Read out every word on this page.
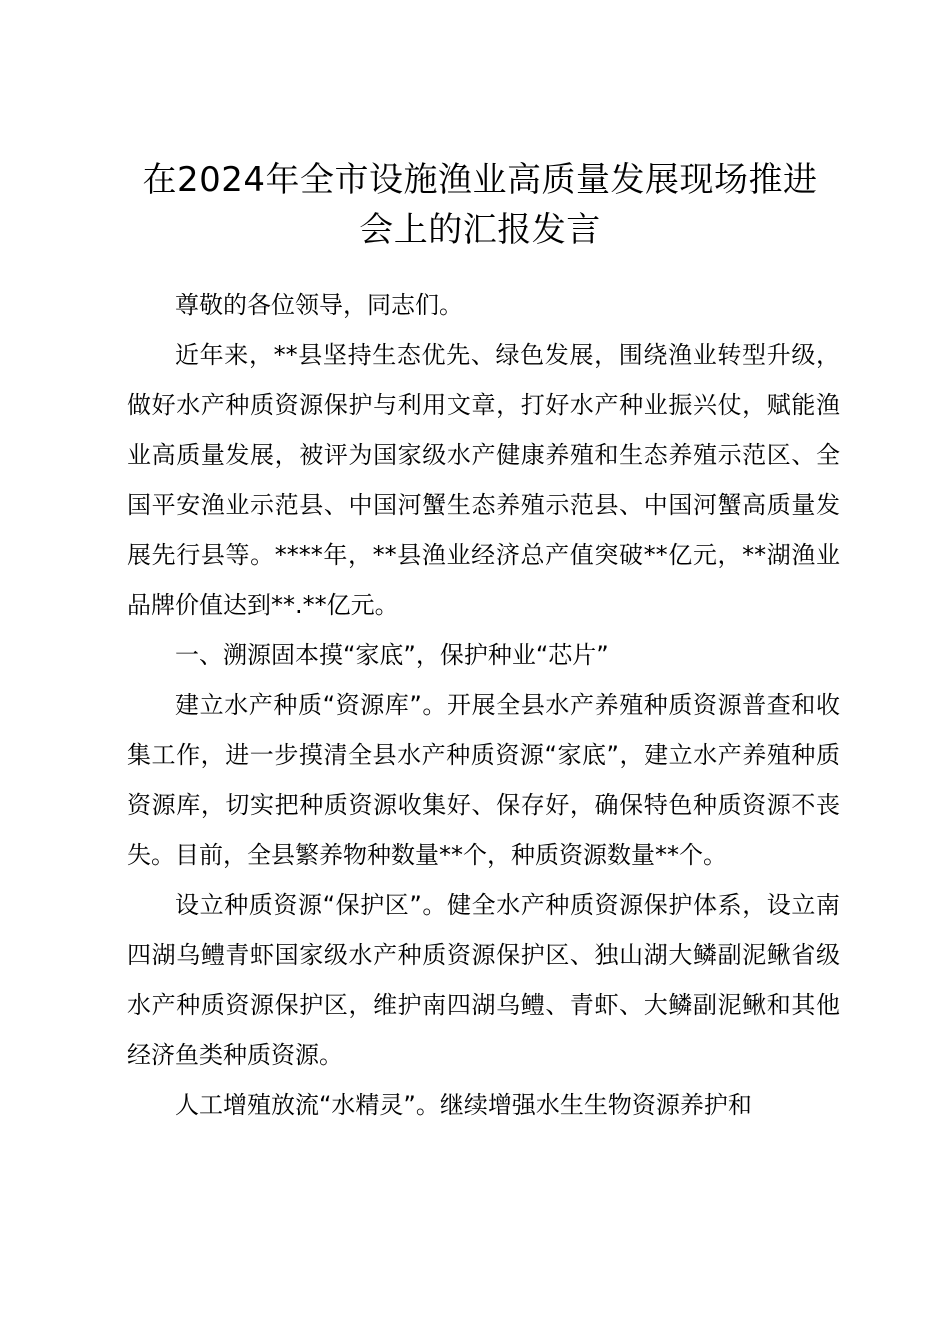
在2024年全市设施渔业高质量发展现场推进
会上的汇报发言

尊敬的各位领导，同志们。

近年来，**县坚持生态优先、绿色发展，围绕渔业转型升级，做好水产种质资源保护与利用文章，打好水产种业振兴仗，赋能渔业高质量发展，被评为国家级水产健康养殖和生态养殖示范区、全国平安渔业示范县、中国河蟹生态养殖示范县、中国河蟹高质量发展先行县等。****年，**县渔业经济总产值突破**亿元，**湖渔业品牌价值达到**.**亿元。

一、溯源固本摸“家底”，保护种业“芯片”

建立水产种质“资源库”。开展全县水产养殖种质资源普查和收集工作，进一步摸清全县水产种质资源“家底”，建立水产养殖种质资源库，切实把种质资源收集好、保存好，确保特色种质资源不丧失。目前，全县繁养物种数量**个，种质资源数量**个。

设立种质资源“保护区”。健全水产种质资源保护体系，设立南四湖乌鳢青虾国家级水产种质资源保护区、独山湖大鳞副泥鳅省级水产种质资源保护区，维护南四湖乌鳢、青虾、大鳞副泥鳅和其他经济鱼类种质资源。

人工增殖放流“水精灵”。继续增强水生生物资源养护和
